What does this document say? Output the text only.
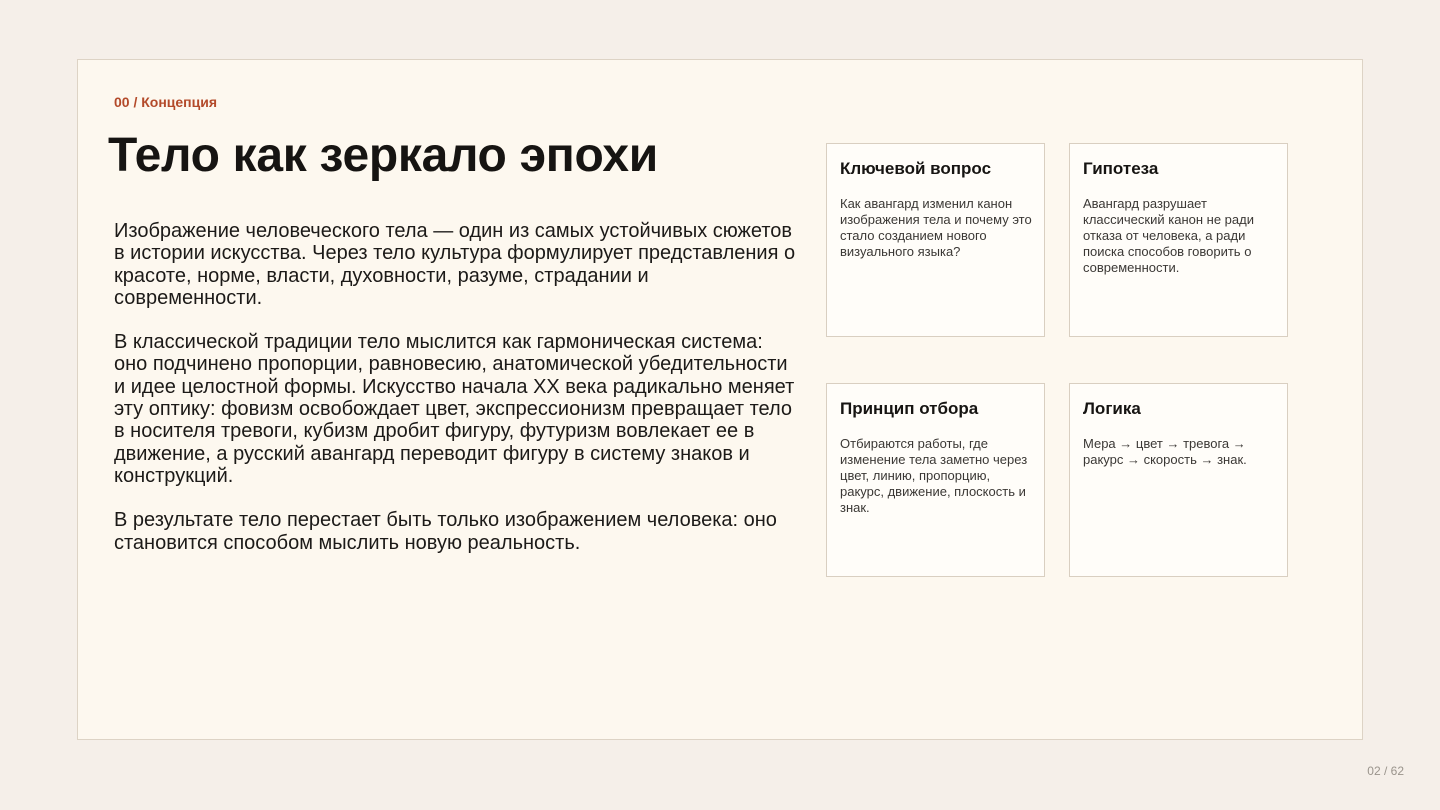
00 / Концепция
Тело как зеркало эпохи

Изображение человеческого тела — один из самых устойчивых сюжетов в истории искусства. Через тело культура формулирует представления о красоте, норме, власти, духовности, разуме, страдании и современности.

В классической традиции тело мыслится как гармоническая система: оно подчинено пропорции, равновесию, анатомической убедительности и идее целостной формы. Искусство начала XX века радикально меняет эту оптику: фовизм освобождает цвет, экспрессионизм превращает тело в носителя тревоги, кубизм дробит фигуру, футуризм вовлекает ее в движение, а русский авангард переводит фигуру в систему знаков и конструкций.

В результате тело перестает быть только изображением человека: оно становится способом мыслить новую реальность.

Ключевой вопрос
Как авангард изменил канон изображения тела и почему это стало созданием нового визуального языка?
Гипотеза
Авангард разрушает классический канон не ради отказа от человека, а ради поиска способов говорить о современности.
Принцип отбора
Отбираются работы, где изменение тела заметно через цвет, линию, пропорцию, ракурс, движение, плоскость и знак.
Логика
Мера → цвет → тревога → ракурс → скорость → знак.
02 / 62
